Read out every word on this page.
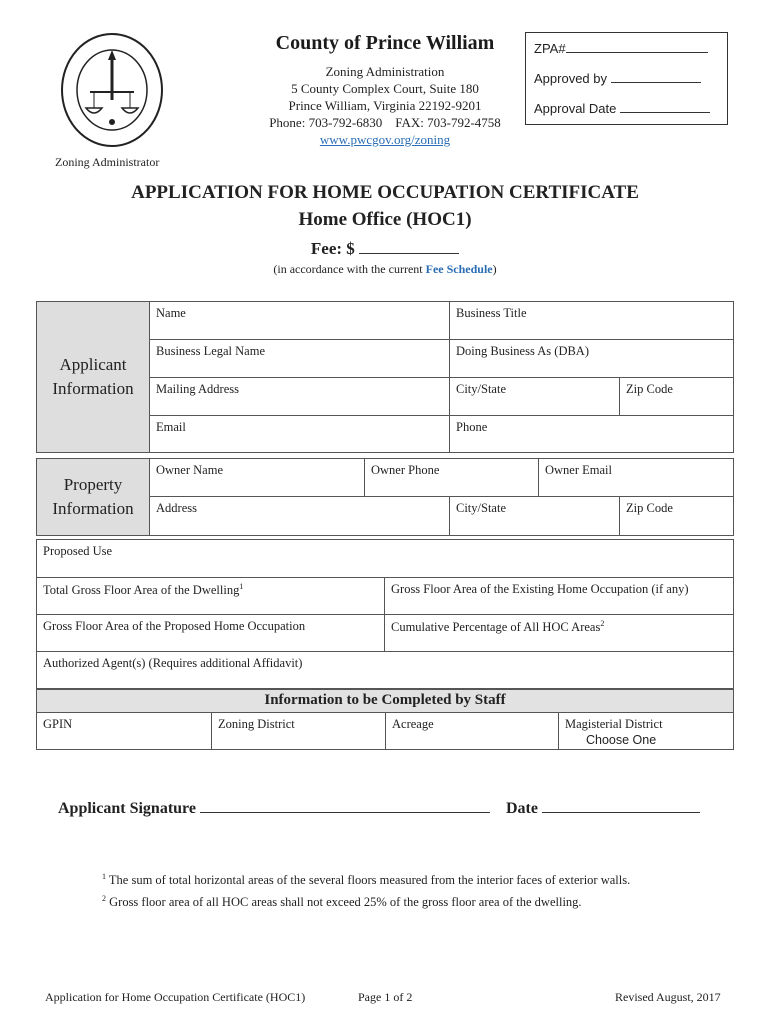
Zoning Administrator
County of Prince William
Zoning Administration
5 County Complex Court, Suite 180
Prince William, Virginia 22192-9201
Phone: 703-792-6830    FAX: 703-792-4758
www.pwcgov.org/zoning
ZPA#
Approved by
Approval Date
APPLICATION FOR HOME OCCUPATION CERTIFICATE
Home Office (HOC1)
Fee: $
(in accordance with the current Fee Schedule)
Applicant
Information
Name	Business Title
Business Legal Name	Doing Business As (DBA)
Mailing Address	City/State	Zip Code
Email	Phone
Property
Information
Owner Name	Owner Phone	Owner Email
Address	City/State	Zip Code
Proposed Use
Total Gross Floor Area of the Dwelling$^1$	Gross Floor Area of the Existing Home Occupation (if any)
Gross Floor Area of the Proposed Home Occupation	Cumulative Percentage of All HOC Areas$^2$
Authorized Agent(s) (Requires additional Affidavit)
Information to be Completed by Staff
GPIN	Zoning District	Acreage	Magisterial District
Choose One
Applicant Signature	Date
$^1$ The sum of total horizontal areas of the several floors measured from the interior faces of exterior walls.
$^2$ Gross floor area of all HOC areas shall not exceed 25% of the gross floor area of the dwelling.
Application for Home Occupation Certificate (HOC1)	Page 1 of 2	Revised August, 2017
